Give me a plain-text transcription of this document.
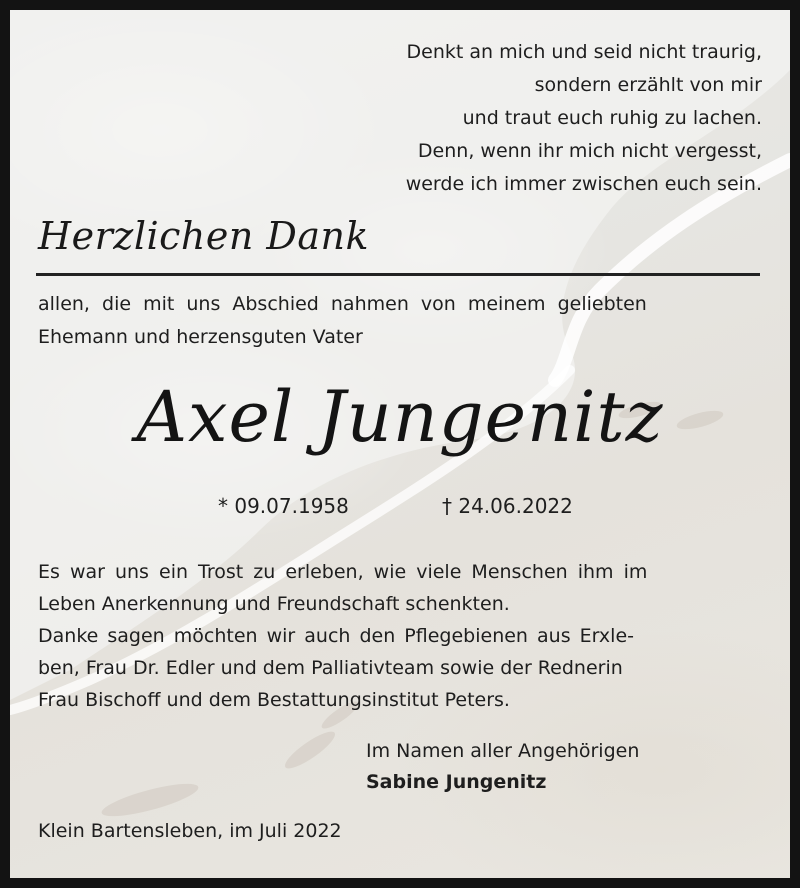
Denkt an mich und seid nicht traurig,
sondern erzählt von mir
und traut euch ruhig zu lachen.
Denn, wenn ihr mich nicht vergesst,
werde ich immer zwischen euch sein.
Herzlichen Dank
allen, die mit uns Abschied nahmen von meinem geliebten
Ehemann und herzensguten Vater
Axel Jungenitz
* 09.07.1958	† 24.06.2022
Es war uns ein Trost zu erleben, wie viele Menschen ihm im
Leben Anerkennung und Freundschaft schenkten.
Danke sagen möchten wir auch den Pflegebienen aus Erxle-
ben, Frau Dr. Edler und dem Palliativteam sowie der Rednerin
Frau Bischoff und dem Bestattungsinstitut Peters.
Im Namen aller Angehörigen
Sabine Jungenitz
Klein Bartensleben, im Juli 2022
